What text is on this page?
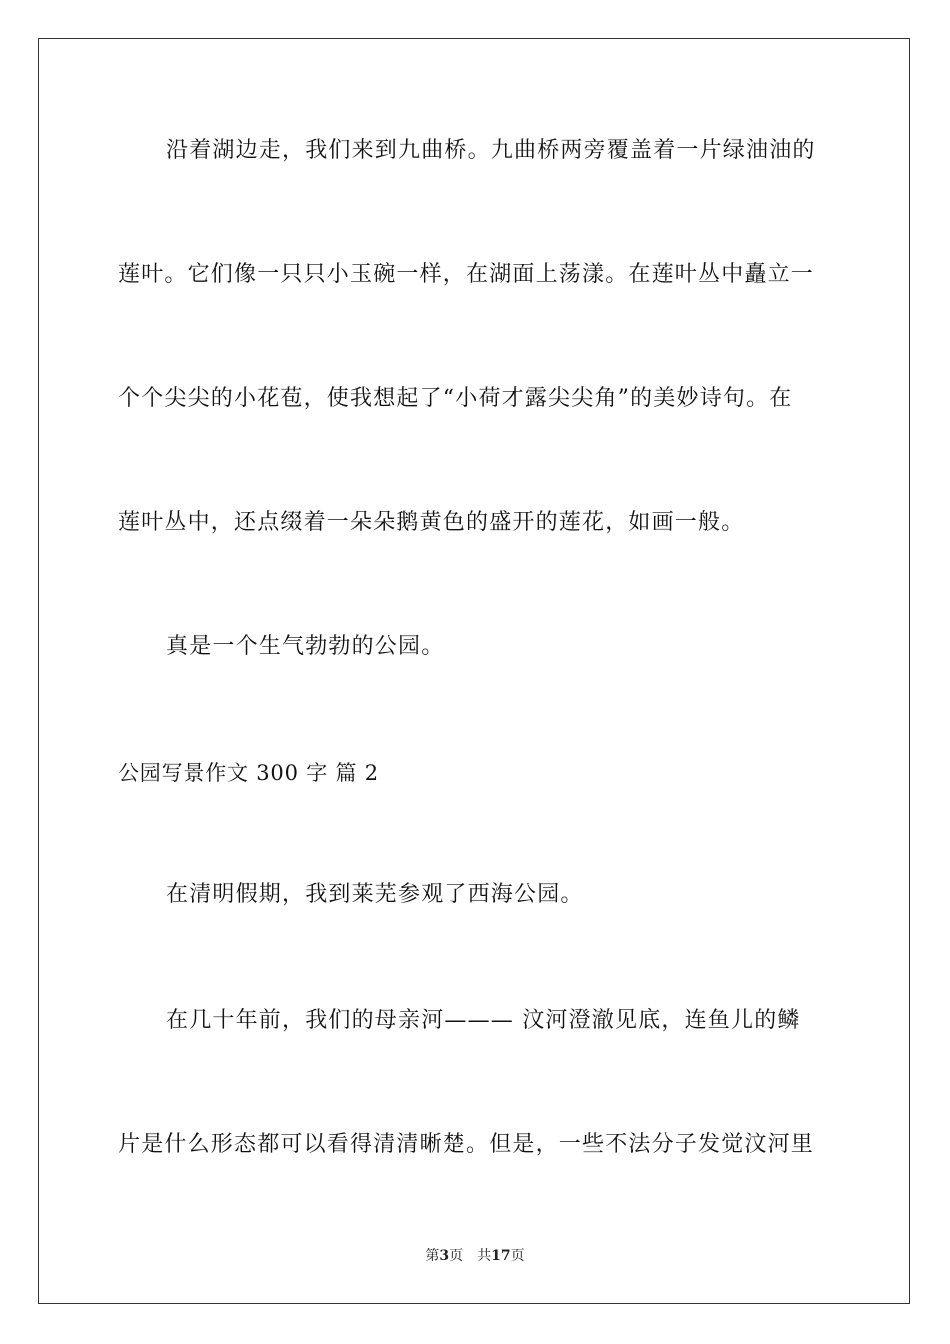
沿着湖边走，我们来到九曲桥。九曲桥两旁覆盖着一片绿油油的
莲叶。它们像一只只小玉碗一样，在湖面上荡漾。在莲叶丛中矗立一
个个尖尖的小花苞，使我想起了“小荷才露尖尖角”的美妙诗句。在
莲叶丛中，还点缀着一朵朵鹅黄色的盛开的莲花，如画一般。
真是一个生气勃勃的公园。
公园写景作文 300 字 篇 2
在清明假期，我到莱芜参观了西海公园。
在几十年前，我们的母亲河——— 汶河澄澈见底，连鱼儿的鳞
片是什么形态都可以看得清清晰楚。但是，一些不法分子发觉汶河里
第3页 共17页
